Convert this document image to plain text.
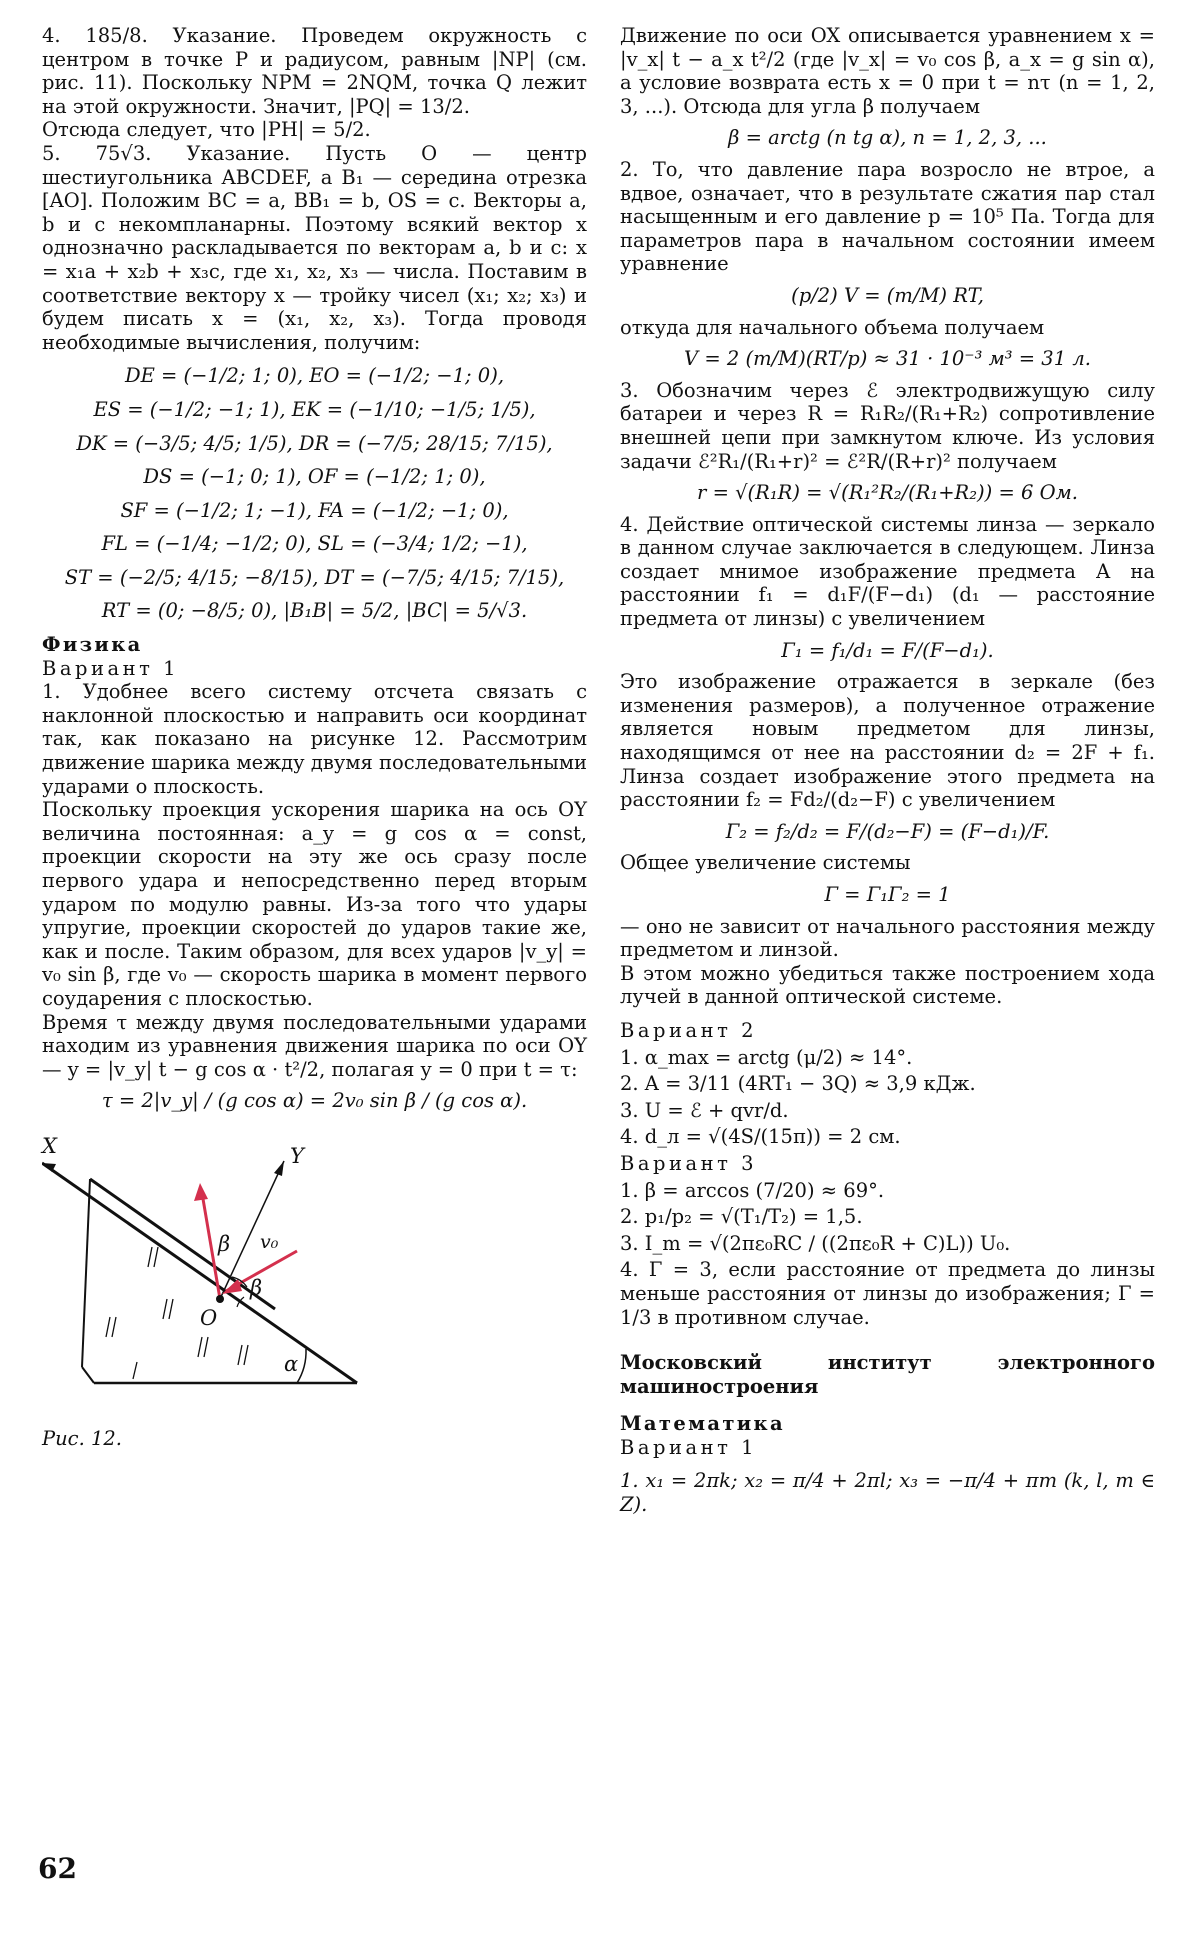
4. 185/8. Указание. Проведем окружность с центром в точке P и радиусом, равным |NP| (см. рис. 11). Поскольку NPM = 2NQM, точка Q лежит на этой окружности. Значит, |PQ| = 13/2.

Отсюда следует, что |PH| = 5/2.

5. 75√3. Указание. Пусть O — центр шестиугольника ABCDEF, а B₁ — середина отрезка [AO]. Положим BC = a, BB₁ = b, OS = c. Векторы a, b и c некомпланарны. Поэтому всякий вектор x однозначно раскладывается по векторам a, b и c: x = x₁a + x₂b + x₃c, где x₁, x₂, x₃ — числа. Поставим в соответствие вектору x — тройку чисел (x₁; x₂; x₃) и будем писать x = (x₁, x₂, x₃). Тогда проводя необходимые вычисления, получим:

DE = (−1/2; 1; 0), EO = (−1/2; −1; 0),
ES = (−1/2; −1; 1), EK = (−1/10; −1/5; 1/5),
DK = (−3/5; 4/5; 1/5), DR = (−7/5; 28/15; 7/15),
DS = (−1; 0; 1), OF = (−1/2; 1; 0),
SF = (−1/2; 1; −1), FA = (−1/2; −1; 0),
FL = (−1/4; −1/2; 0), SL = (−3/4; 1/2; −1),
ST = (−2/5; 4/15; −8/15), DT = (−7/5; 4/15; 7/15),
RT = (0; −8/5; 0), |B₁B| = 5/2, |BC| = 5/√3.

Физика

Вариант 1

1. Удобнее всего систему отсчета связать с наклонной плоскостью и направить оси координат так, как показано на рисунке 12. Рассмотрим движение шарика между двумя последовательными ударами о плоскость.

Поскольку проекция ускорения шарика на ось OY величина постоянная: a_y = g cos α = const, проекции скорости на эту же ось сразу после первого удара и непосредственно перед вторым ударом по модулю равны. Из-за того что удары упругие, проекции скоростей до ударов такие же, как и после. Таким образом, для всех ударов |v_y| = v₀ sin β, где v₀ — скорость шарика в момент первого соударения с плоскостью.

Время τ между двумя последовательными ударами находим из уравнения движения шарика по оси OY — y = |v_y| t − g cos α · t²/2, полагая y = 0 при t = τ:

τ = 2|v_y| / (g cos α) = 2v₀ sin β / (g cos α).
X	Y
O
β
β
v₀
α

Рис. 12.

Движение по оси OX описывается уравнением x = |v_x| t − a_x t²/2 (где |v_x| = v₀ cos β, a_x = g sin α), а условие возврата есть x = 0 при t = nτ (n = 1, 2, 3, ...). Отсюда для угла β получаем

β = arctg (n tg α), n = 1, 2, 3, ...

2. То, что давление пара возросло не втрое, а вдвое, означает, что в результате сжатия пар стал насыщенным и его давление p = 10⁵ Па. Тогда для параметров пара в начальном состоянии имеем уравнение

(p/2) V = (m/M) RT,

откуда для начального объема получаем

V = 2 (m/M)(RT/p) ≈ 31 · 10⁻³ м³ = 31 л.

3. Обозначим через ℰ электродвижущую силу батареи и через R = R₁R₂/(R₁+R₂) сопротивление внешней цепи при замкнутом ключе. Из условия задачи ℰ²R₁/(R₁+r)² = ℰ²R/(R+r)² получаем

r = √(R₁R) = √(R₁²R₂/(R₁+R₂)) = 6 Ом.

4. Действие оптической системы линза — зеркало в данном случае заключается в следующем. Линза создает мнимое изображение предмета A на расстоянии f₁ = d₁F/(F−d₁) (d₁ — расстояние предмета от линзы) с увеличением

Γ₁ = f₁/d₁ = F/(F−d₁).

Это изображение отражается в зеркале (без изменения размеров), а полученное отражение является новым предметом для линзы, находящимся от нее на расстоянии d₂ = 2F + f₁. Линза создает изображение этого предмета на расстоянии f₂ = Fd₂/(d₂−F) с увеличением

Γ₂ = f₂/d₂ = F/(d₂−F) = (F−d₁)/F.

Общее увеличение системы

Γ = Γ₁Γ₂ = 1

— оно не зависит от начального расстояния между предметом и линзой.

В этом можно убедиться также построением хода лучей в данной оптической системе.

Вариант 2

1. α_max = arctg (μ/2) ≈ 14°.

2. A = 3/11 (4RT₁ − 3Q) ≈ 3,9 кДж.

3. U = ℰ + qvr/d.

4. d_л = √(4S/(15π)) = 2 см.

Вариант 3

1. β = arccos (7/20) ≈ 69°.

2. p₁/p₂ = √(T₁/T₂) = 1,5.

3. I_m = √(2πε₀RC / ((2πε₀R + C)L)) U₀.

4. Γ = 3, если расстояние от предмета до линзы меньше расстояния от линзы до изображения; Γ = 1/3 в противном случае.

Московский институт электронного машиностроения

Математика

Вариант 1

1. x₁ = 2πk; x₂ = π/4 + 2πl; x₃ = −π/4 + πm (k, l, m ∈ Z).

62
